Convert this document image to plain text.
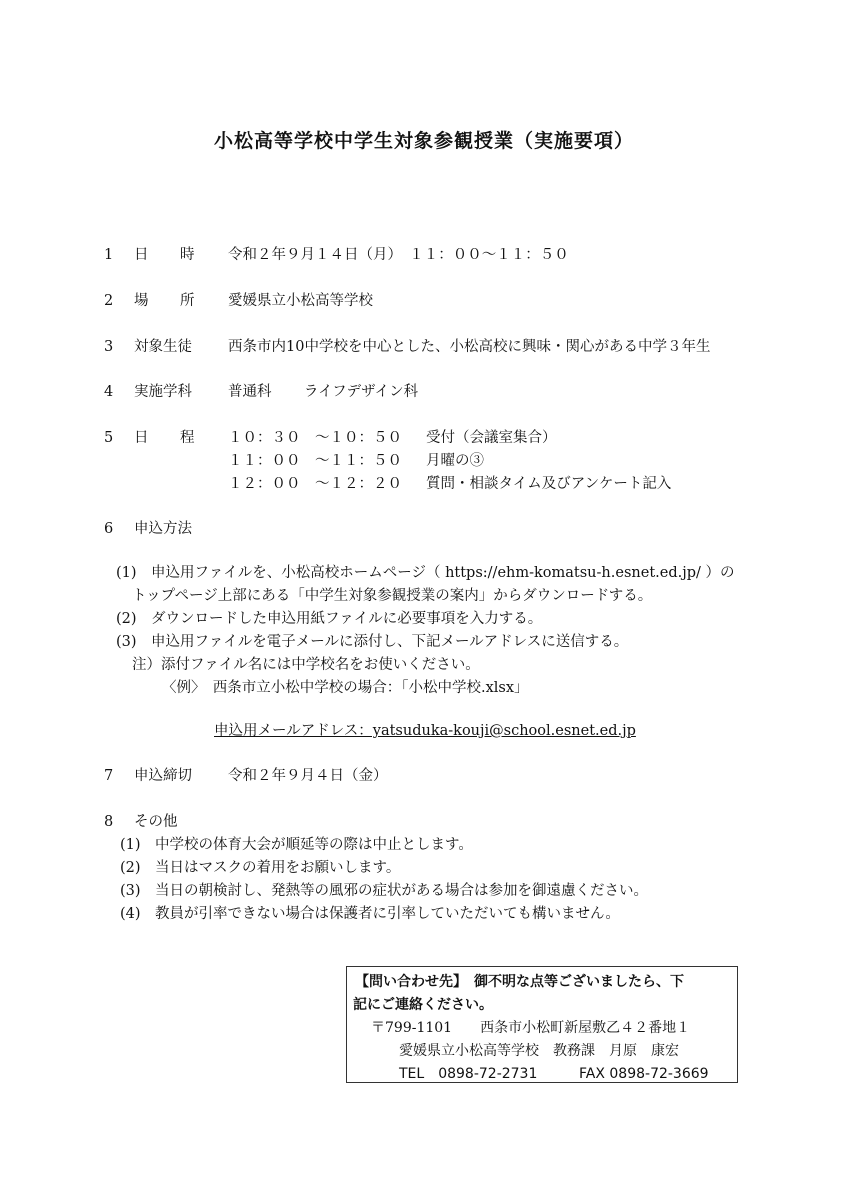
小松高等学校中学生対象参観授業（実施要項）
1 日 時 令和２年９月１４日（月）　１１：００～１１：５０
2 場 所 愛媛県立小松高等学校
3 対象生徒 西条市内10中学校を中心とした、小松高校に興味・関心がある中学３年生
4 実施学科 普通科 ライフデザイン科
5 日 程 １０：３０　～１０：５０ 受付（会議室集合）
１１：００　～１１：５０ 月曜の③
１２：００　～１２：２０ 質問・相談タイム及びアンケート記入
6 申込方法
(1)　申込用ファイルを、小松高校ホームページ（ https://ehm-komatsu-h.esnet.ed.jp/ ）の
トップページ上部にある「中学生対象参観授業の案内」からダウンロードする。
(2)　ダウンロードした申込用紙ファイルに必要事項を入力する。
(3)　申込用ファイルを電子メールに添付し、下記メールアドレスに送信する。
注）添付ファイル名には中学校名をお使いください。
〈例〉　西条市立小松中学校の場合：「小松中学校.xlsx」
申込用メールアドレス：yatsuduka-kouji@school.esnet.ed.jp
7 申込締切 令和２年９月４日（金）
8 その他
(1)　中学校の体育大会が順延等の際は中止とします。
(2)　当日はマスクの着用をお願いします。
(3)　当日の朝検討し、発熱等の風邪の症状がある場合は参加を御遠慮ください。
(4)　教員が引率できない場合は保護者に引率していただいても構いません。
【問い合わせ先】　御不明な点等ございましたら、下
記にご連絡ください。
〒799-1101　　西条市小松町新屋敷乙４２番地１
愛媛県立小松高等学校　教務課　月原　康宏
TEL　0898-72-2731	FAX 0898-72-3669
